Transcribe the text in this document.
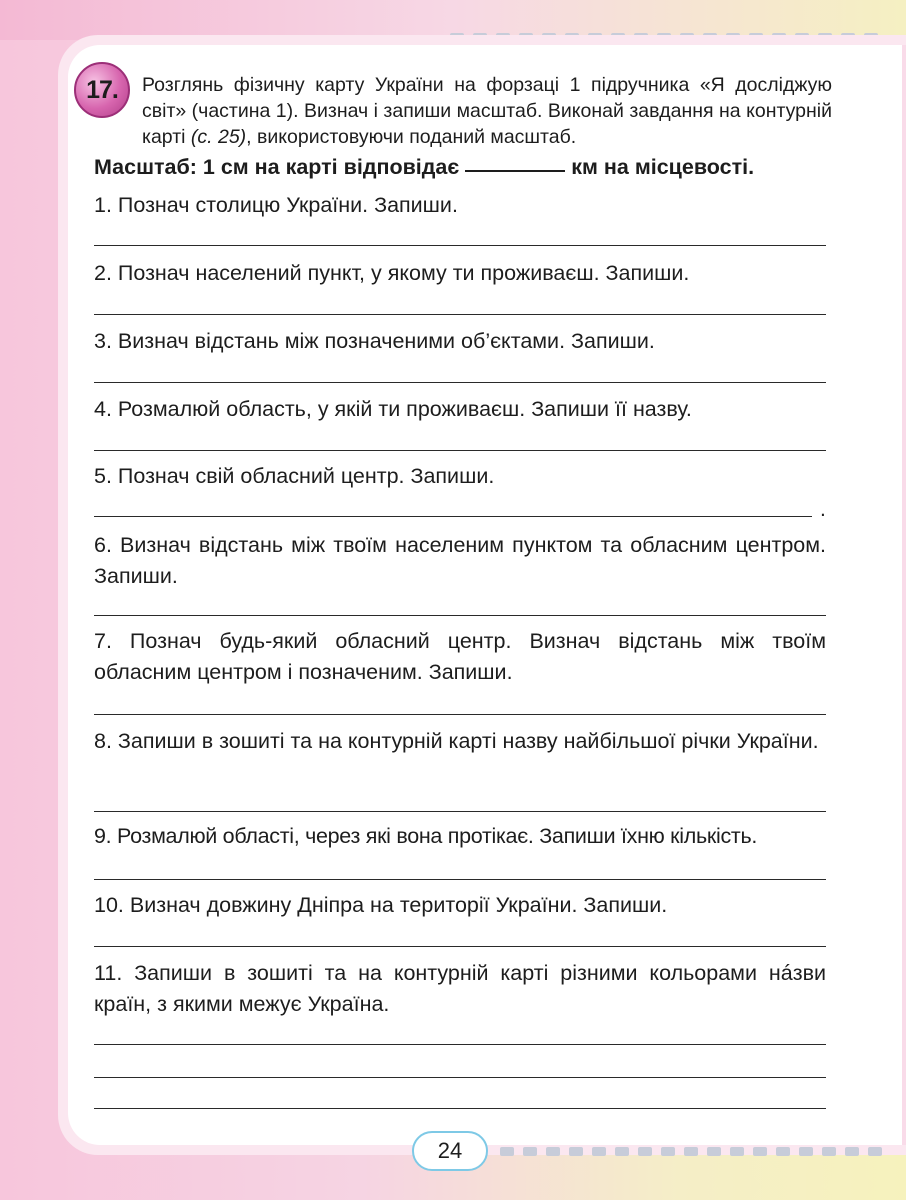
17. Розглянь фізичну карту України на форзаці 1 підручника «Я досліджую світ» (частина 1). Визнач і запиши масштаб. Виконай завдання на контурній карті (с. 25), використовуючи поданий масштаб.
Масштаб: 1 см на карті відповідає	км на місцевості.
1. Познач столицю України. Запиши.
2. Познач населений пункт, у якому ти проживаєш. Запиши.
3. Визнач відстань між позначеними об’єктами. Запиши.
4. Розмалюй область, у якій ти проживаєш. Запиши її назву.
5. Познач свій обласний центр. Запиши.
.
6. Визнач відстань між твоїм населеним пунктом та обласним центром. Запиши.
7. Познач будь-який обласний центр. Визнач відстань між твоїм обласним центром і позначеним. Запиши.
8. Запиши в зошиті та на контурній карті назву найбільшої річки України.
9. Розмалюй області, через які вона протікає. Запиши їхню кількість.
10. Визнач довжину Дніпра на території України. Запиши.
11. Запиши в зошиті та на контурній карті різними кольорами нáзви країн, з якими межує Україна.
24
